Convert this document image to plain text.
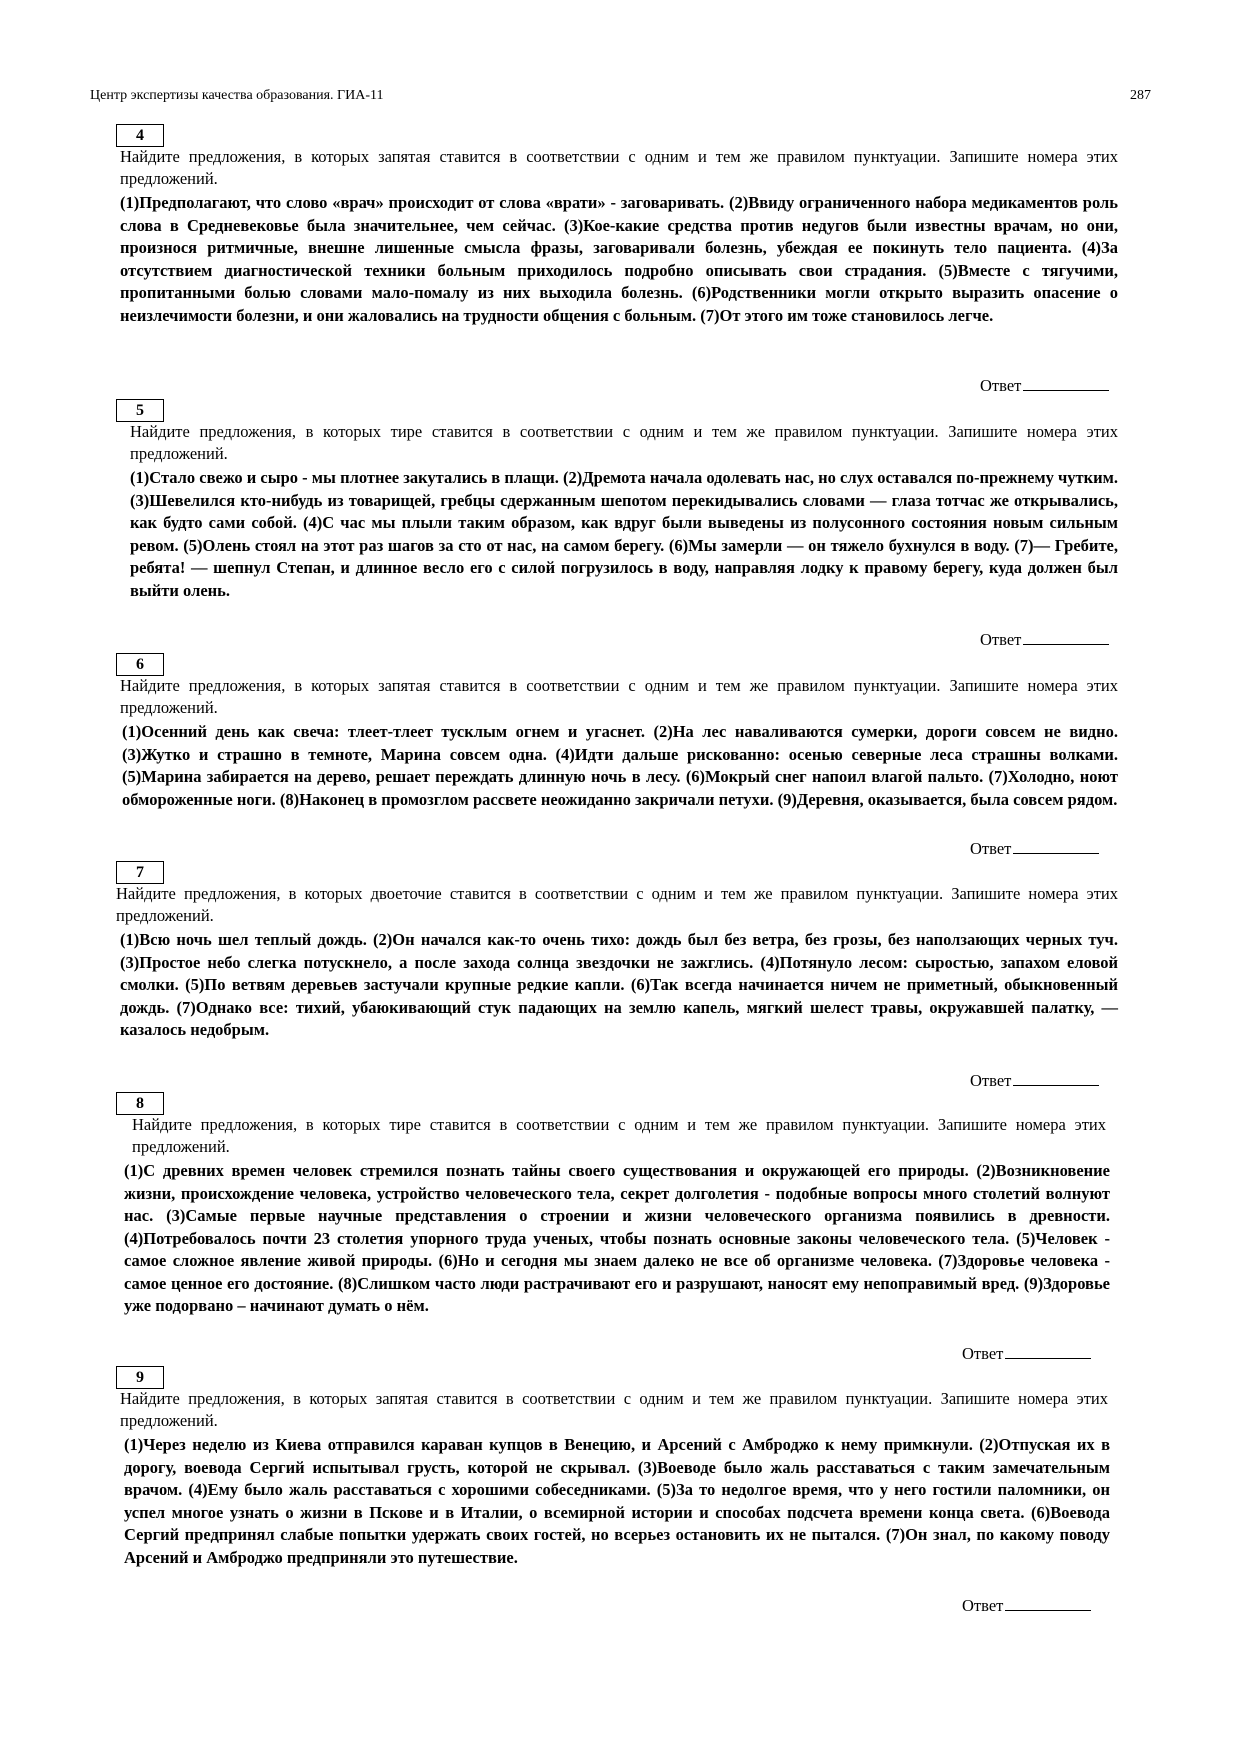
Центр экспертизы качества образования. ГИА-11	287
4
Найдите предложения, в которых запятая ставится в соответствии с одним и тем же правилом пунктуации. Запишите номера этих предложений.
(1)Предполагают, что слово «врач» происходит от слова «врати» - заговаривать. (2)Ввиду ограниченного набора медикаментов роль слова в Средневековье была значительнее, чем сейчас. (3)Кое-какие средства против недугов были известны врачам, но они, произнося ритмичные, внешне лишенные смысла фразы, заговаривали болезнь, убеждая ее покинуть тело пациента. (4)За отсутствием диагностической техники больным приходилось подробно описывать свои страдания. (5)Вместе с тягучими, пропитанными болью словами мало-помалу из них выходила болезнь. (6)Родственники могли открыто выразить опасение о неизлечимости болезни, и они жаловались на трудности общения с больным. (7)От этого им тоже становилось легче.
Ответ
5
Найдите предложения, в которых тире ставится в соответствии с одним и тем же правилом пунктуации. Запишите номера этих предложений.
(1)Стало свежо и сыро - мы плотнее закутались в плащи. (2)Дремота начала одолевать нас, но слух оставался по-прежнему чутким. (3)Шевелился кто-нибудь из товарищей, гребцы сдержанным шепотом перекидывались словами — глаза тотчас же открывались, как будто сами собой. (4)С час мы плыли таким образом, как вдруг были выведены из полусонного состояния новым сильным ревом. (5)Олень стоял на этот раз шагов за сто от нас, на самом берегу. (6)Мы замерли — он тяжело бухнулся в воду. (7)— Гребите, ребята! — шепнул Степан, и длинное весло его с силой погрузилось в воду, направляя лодку к правому берегу, куда должен был выйти олень.
Ответ
6
Найдите предложения, в которых запятая ставится в соответствии с одним и тем же правилом пунктуации. Запишите номера этих предложений.
(1)Осенний день как свеча: тлеет-тлеет тусклым огнем и угаснет. (2)На лес наваливаются сумерки, дороги совсем не видно. (3)Жутко и страшно в темноте, Марина совсем одна. (4)Идти дальше рискованно: осенью северные леса страшны волками. (5)Марина забирается на дерево, решает переждать длинную ночь в лесу. (6)Мокрый снег напоил влагой пальто. (7)Холодно, ноют обмороженные ноги. (8)Наконец в промозглом рассвете неожиданно закричали петухи. (9)Деревня, оказывается, была совсем рядом.
Ответ
7
Найдите предложения, в которых двоеточие ставится в соответствии с одним и тем же правилом пунктуации. Запишите номера этих предложений.
(1)Всю ночь шел теплый дождь. (2)Он начался как-то очень тихо: дождь был без ветра, без грозы, без наползающих черных туч. (3)Простое небо слегка потускнело, а после захода солнца звездочки не зажглись. (4)Потянуло лесом: сыростью, запахом еловой смолки. (5)По ветвям деревьев застучали крупные редкие капли. (6)Так всегда начинается ничем не приметный, обыкновенный дождь. (7)Однако все: тихий, убаюкивающий стук падающих на землю капель, мягкий шелест травы, окружавшей палатку, — казалось недобрым.
Ответ
8
Найдите предложения, в которых тире ставится в соответствии с одним и тем же правилом пунктуации. Запишите номера этих предложений.
(1)С древних времен человек стремился познать тайны своего существования и окружающей его природы. (2)Возникновение жизни, происхождение человека, устройство человеческого тела, секрет долголетия - подобные вопросы много столетий волнуют нас. (3)Самые первые научные представления о строении и жизни человеческого организма появились в древности. (4)Потребовалось почти 23 столетия упорного труда ученых, чтобы познать основные законы человеческого тела. (5)Человек - самое сложное явление живой природы. (6)Но и сегодня мы знаем далеко не все об организме человека. (7)Здоровье человека - самое ценное его достояние. (8)Слишком часто люди растрачивают его и разрушают, наносят ему непоправимый вред. (9)Здоровье уже подорвано – начинают думать о нём.
Ответ
9
Найдите предложения, в которых запятая ставится в соответствии с одним и тем же правилом пунктуации. Запишите номера этих предложений.
(1)Через неделю из Киева отправился караван купцов в Венецию, и Арсений с Амброджо к нему примкнули. (2)Отпуская их в дорогу, воевода Сергий испытывал грусть, которой не скрывал. (3)Воеводе было жаль расставаться с таким замечательным врачом. (4)Ему было жаль расставаться с хорошими собеседниками. (5)За то недолгое время, что у него гостили паломники, он успел многое узнать о жизни в Пскове и в Италии, о всемирной истории и способах подсчета времени конца света. (6)Воевода Сергий предпринял слабые попытки удержать своих гостей, но всерьез остановить их не пытался. (7)Он знал, по какому поводу Арсений и Амброджо предприняли это путешествие.
Ответ
